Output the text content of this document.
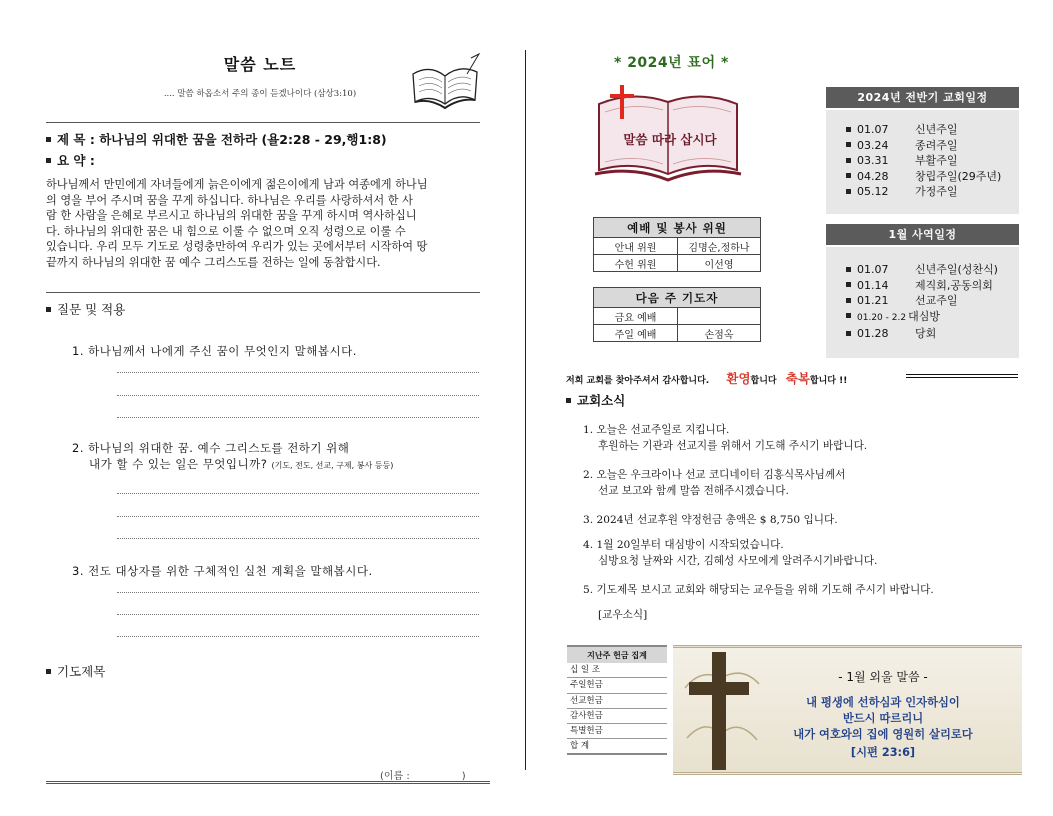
말씀 노트
.... 말씀 하옵소서 주의 종이 듣겠나이다 (삼상3:10)
제 목 : 하나님의 위대한 꿈을 전하라 (욜2:28 - 29,행1:8)
요 약 :
하나님께서 만민에게 자녀들에게 늙은이에게 젊은이에게 남과 여종에게 하나님
의 영을 부어 주시며 꿈을 꾸게 하십니다. 하나님은 우리를 사랑하셔서 한 사
람 한 사람을 은혜로 부르시고 하나님의 위대한 꿈을 꾸게 하시며 역사하십니
다. 하나님의 위대한 꿈은 내 힘으로 이룰 수 없으며 오직 성령으로 이룰 수
있습니다. 우리 모두 기도로 성령충만하여 우리가 있는 곳에서부터 시작하여 땅
끝까지 하나님의 위대한 꿈 예수 그리스도를 전하는 일에 동참합시다.
질문 및 적용
1. 하나님께서 나에게 주신 꿈이 무엇인지 말해봅시다.
2. 하나님의 위대한 꿈. 예수 그리스도를 전하기 위해
내가 할 수 있는 일은 무엇입니까? (기도, 전도, 선교, 구제, 봉사 등등)
3. 전도 대상자를 위한 구체적인 실천 계획을 말해봅시다.
기도제목
(이름 :	)
* 2024년 표어 *
말씀 따라 삽시다
2024년 전반기 교회일정
01.07 신년주일
03.24 종려주일
03.31 부활주일
04.28 창립주일(29주년)
05.12 가정주일
1월 사역일정
01.07 신년주일(성찬식)
01.14 제직회,공동의회
01.21 선교주일
01.20 - 2.2 대심방
01.28 당회
예배 및 봉사 위원	
안내 위원	김명순,정하나
수헌 위원	이선영
다음 주 기도자	
금요 예배	
주일 예배	손점옥
저희 교회를 찾아주셔서 감사합니다. 환영합니다 축복합니다 !!
교회소식
1. 오늘은 선교주일로 지킵니다.
후원하는 기관과 선교지를 위해서 기도해 주시기 바랍니다.
2. 오늘은 우크라이나 선교 코디네이터 김홍식목사님께서
선교 보고와 함께 말씀 전해주시겠습니다.
3. 2024년 선교후원 약정헌금 총액은 $ 8,750 입니다.
4. 1월 20일부터 대심방이 시작되었습니다.
심방요청 날짜와 시간, 김혜성 사모에게 알려주시기바랍니다.
5. 기도제목 보시고 교회와 해당되는 교우들을 위해 기도해 주시기 바랍니다.
[교우소식]
지난주 헌금 집계
십 일 조
주일헌금
선교헌금
감사헌금
특별헌금
합 계
- 1월 외울 말씀 -
내 평생에 선하심과 인자하심이
반드시 따르리니
내가 여호와의 집에 영원히 살리로다
[시편 23:6]
